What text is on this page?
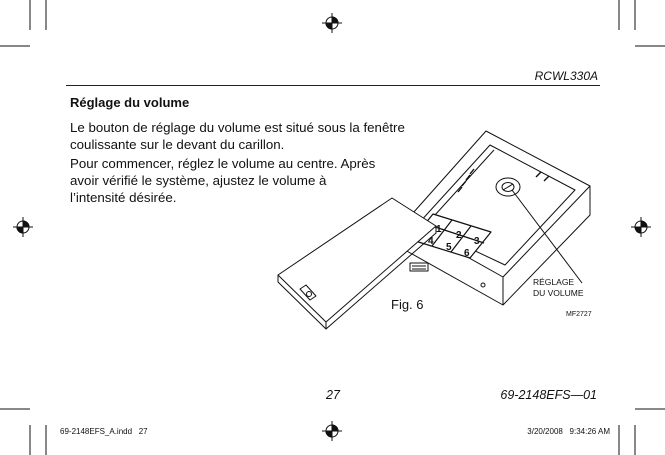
1
2
3
4
5
6
RCWL330A
Réglage du volume
Le bouton de réglage du volume est situé sous la fenêtre
coulissante sur le devant du carillon.
Pour commencer, réglez le volume au centre. Après
avoir vérifié le système, ajustez le volume à
l’intensité désirée.
Fig. 6
RÉGLAGE
DU VOLUME
MF2727
27	69-2148EFS—01
69-2148EFS_A.indd   27	3/20/2008   9:34:26 AM
